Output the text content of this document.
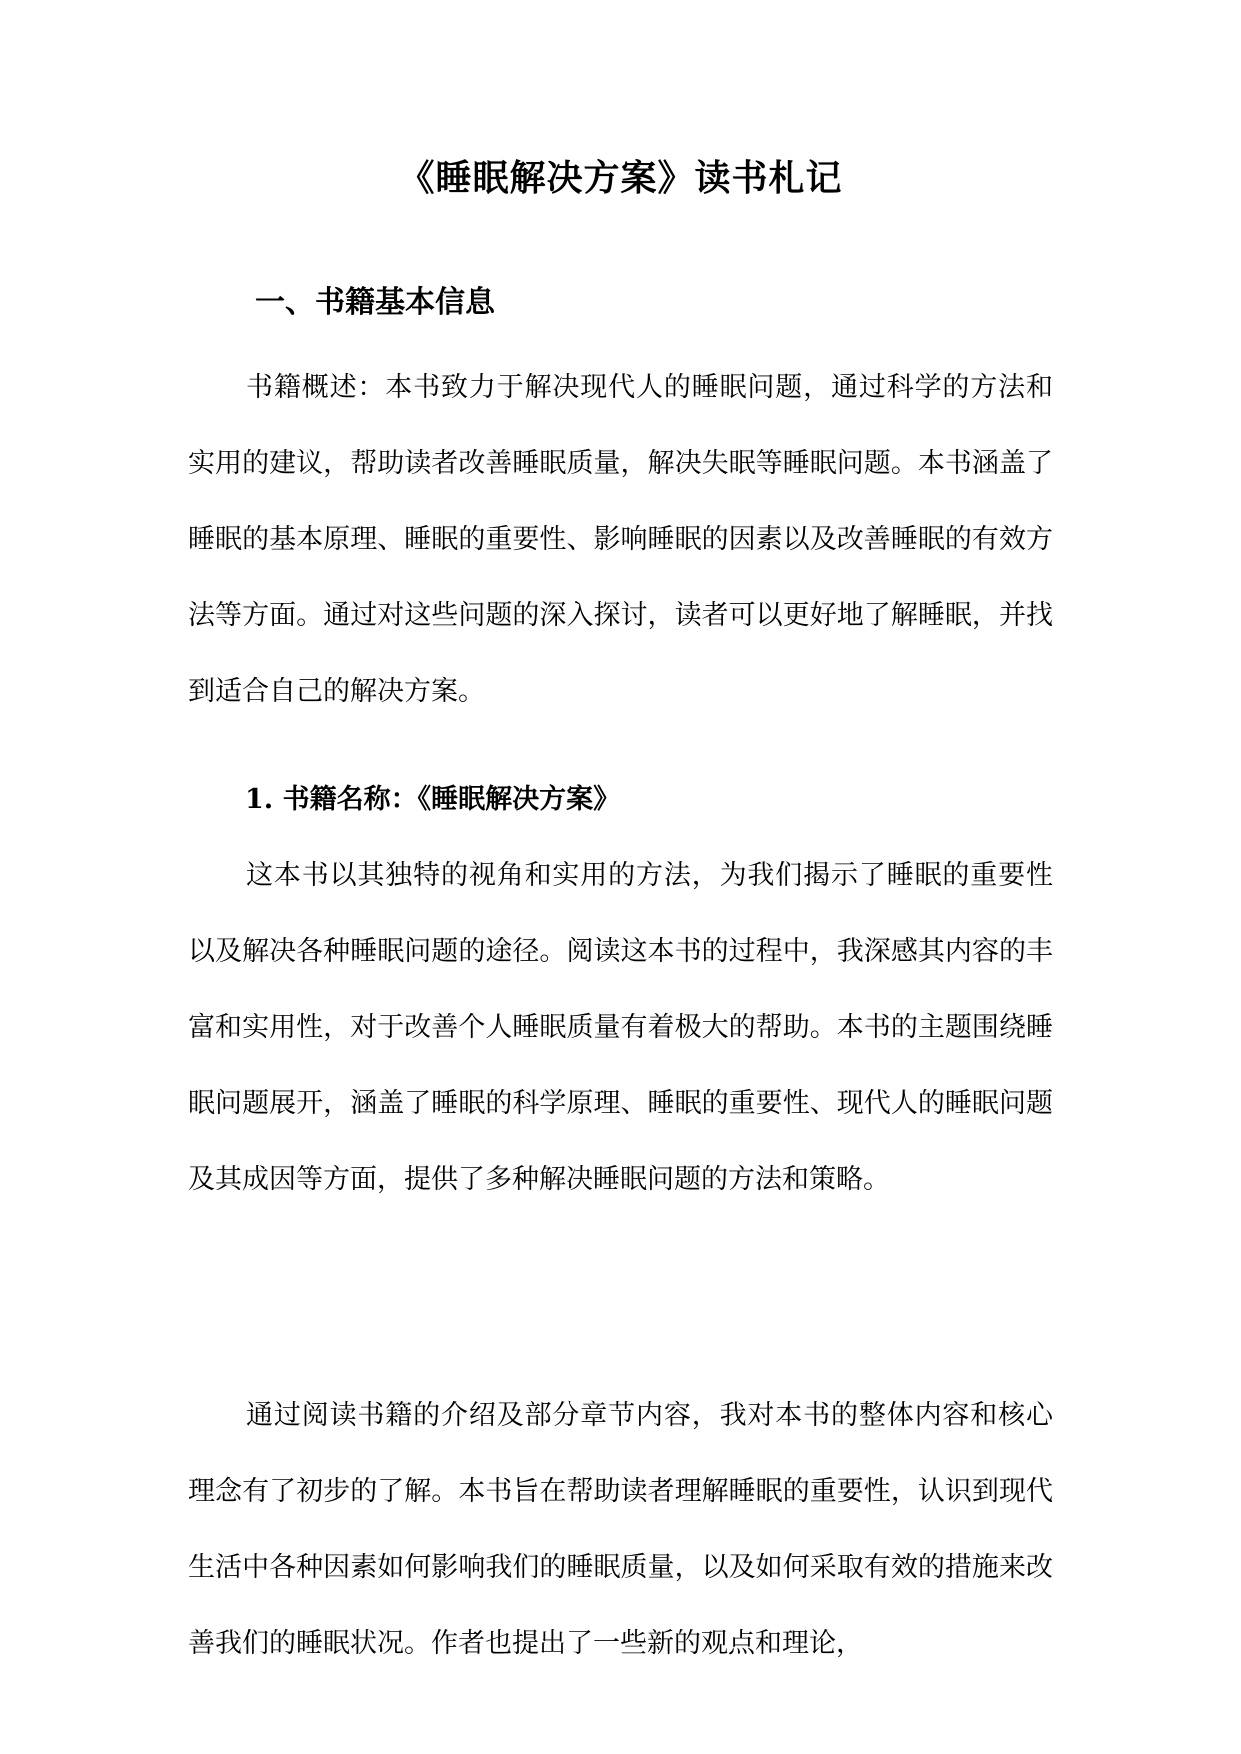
《睡眠解决方案》读书札记
一、书籍基本信息

书籍概述：本书致力于解决现代人的睡眠问题，通过科学的方法和实用的建议，帮助读者改善睡眠质量，解决失眠等睡眠问题。本书涵盖了睡眠的基本原理、睡眠的重要性、影响睡眠的因素以及改善睡眠的有效方法等方面。通过对这些问题的深入探讨，读者可以更好地了解睡眠，并找到适合自己的解决方案。

1. 书籍名称：《睡眠解决方案》

这本书以其独特的视角和实用的方法，为我们揭示了睡眠的重要性以及解决各种睡眠问题的途径。阅读这本书的过程中，我深感其内容的丰富和实用性，对于改善个人睡眠质量有着极大的帮助。本书的主题围绕睡眠问题展开，涵盖了睡眠的科学原理、睡眠的重要性、现代人的睡眠问题及其成因等方面，提供了多种解决睡眠问题的方法和策略。

通过阅读书籍的介绍及部分章节内容，我对本书的整体内容和核心理念有了初步的了解。本书旨在帮助读者理解睡眠的重要性，认识到现代生活中各种因素如何影响我们的睡眠质量，以及如何采取有效的措施来改善我们的睡眠状况。作者也提出了一些新的观点和理论，
